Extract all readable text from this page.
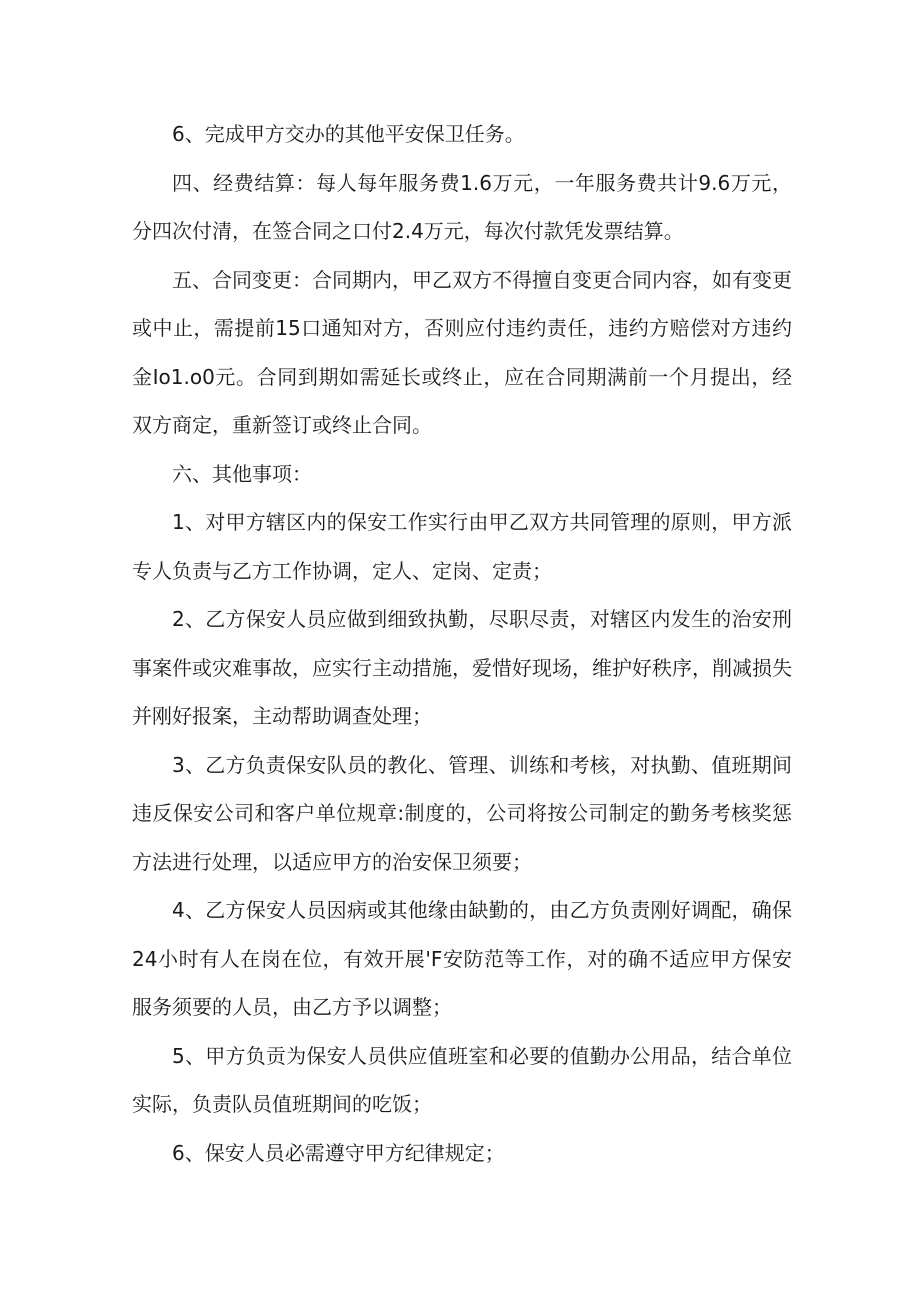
6、完成甲方交办的其他平安保卫任务。

四、经费结算：每人每年服务费1.6万元，一年服务费共计9.6万元，分四次付清，在签合同之口付2.4万元，每次付款凭发票结算。

五、合同变更：合同期内，甲乙双方不得擅自变更合同内容，如有变更或中止，需提前15口通知对方，否则应付违约责任，违约方赔偿对方违约金Io1.o0元。合同到期如需延长或终止，应在合同期满前一个月提出，经双方商定，重新签订或终止合同。

六、其他事项：

1、对甲方辖区内的保安工作实行由甲乙双方共同管理的原则，甲方派专人负责与乙方工作协调，定人、定岗、定责；

2、乙方保安人员应做到细致执勤，尽职尽责，对辖区内发生的治安刑事案件或灾难事故，应实行主动措施，爱惜好现场，维护好秩序，削减损失并刚好报案，主动帮助调查处理；

3、乙方负责保安队员的教化、管理、训练和考核，对执勤、值班期间违反保安公司和客户单位规章:制度的，公司将按公司制定的勤务考核奖惩方法进行处理，以适应甲方的治安保卫须要；

4、乙方保安人员因病或其他缘由缺勤的，由乙方负责刚好调配，确保24小时有人在岗在位，有效开展'F安防范等工作，对的确不适应甲方保安服务须要的人员，由乙方予以调整；

5、甲方负贡为保安人员供应值班室和必要的值勤办公用品，结合单位实际，负责队员值班期间的吃饭；

6、保安人员必需遵守甲方纪律规定；
